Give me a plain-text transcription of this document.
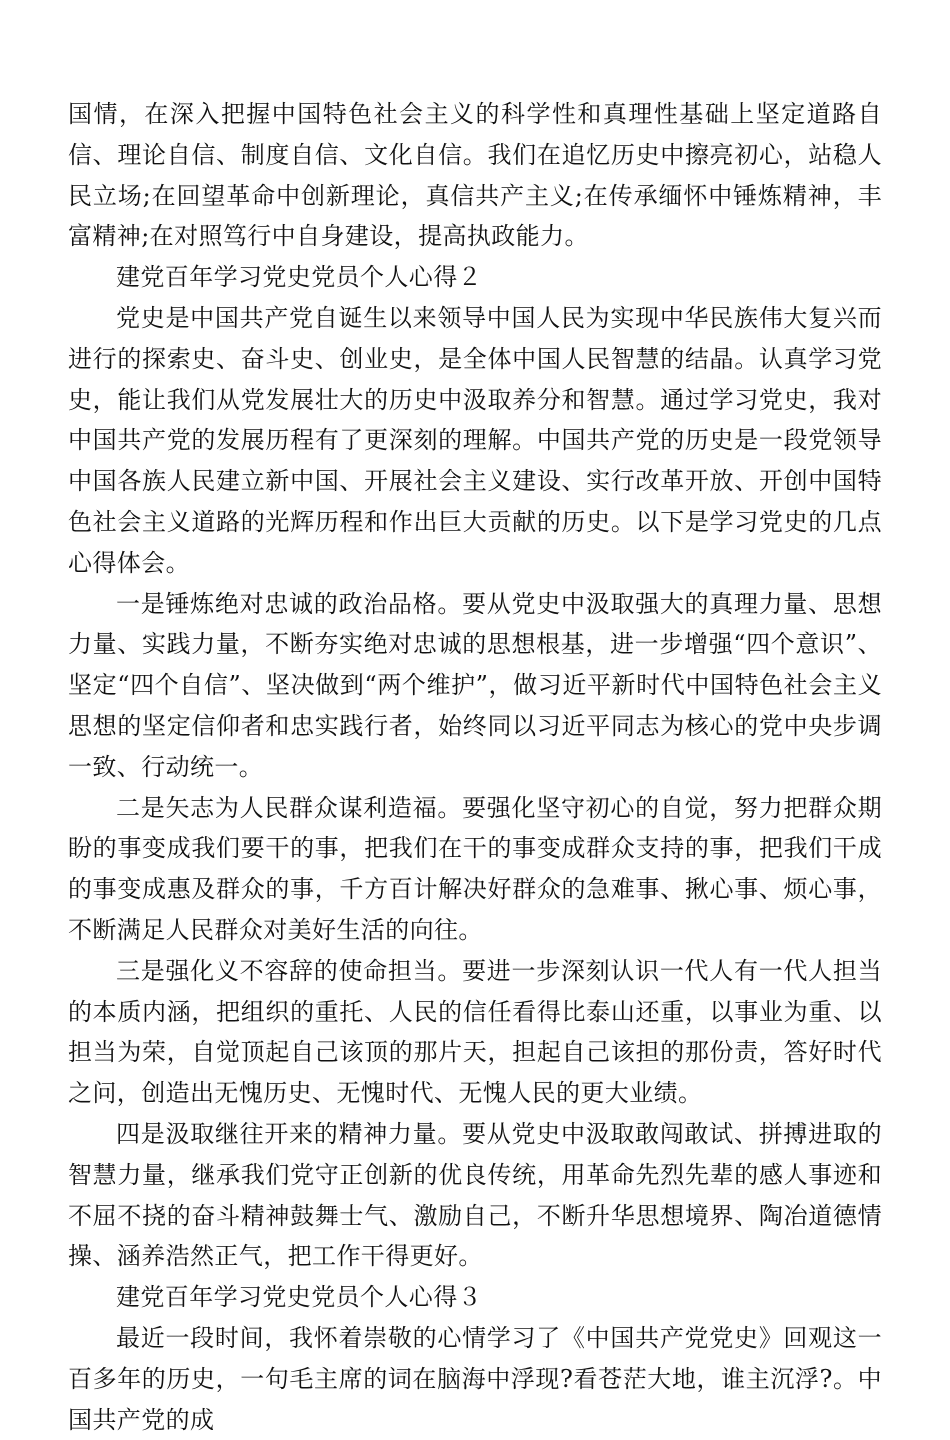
国情，在深入把握中国特色社会主义的科学性和真理性基础上坚定道路自信、理论自信、制度自信、文化自信。我们在追忆历史中擦亮初心，站稳人民立场;在回望革命中创新理论，真信共产主义;在传承缅怀中锤炼精神，丰富精神;在对照笃行中自身建设，提高执政能力。

建党百年学习党史党员个人心得２

党史是中国共产党自诞生以来领导中国人民为实现中华民族伟大复兴而进行的探索史、奋斗史、创业史，是全体中国人民智慧的结晶。认真学习党史，能让我们从党发展壮大的历史中汲取养分和智慧。通过学习党史，我对中国共产党的发展历程有了更深刻的理解。中国共产党的历史是一段党领导中国各族人民建立新中国、开展社会主义建设、实行改革开放、开创中国特色社会主义道路的光辉历程和作出巨大贡献的历史。以下是学习党史的几点心得体会。

一是锤炼绝对忠诚的政治品格。要从党史中汲取强大的真理力量、思想力量、实践力量，不断夯实绝对忠诚的思想根基，进一步增强“四个意识”、坚定“四个自信”、坚决做到“两个维护”，做习近平新时代中国特色社会主义思想的坚定信仰者和忠实践行者，始终同以习近平同志为核心的党中央步调一致、行动统一。

二是矢志为人民群众谋利造福。要强化坚守初心的自觉，努力把群众期盼的事变成我们要干的事，把我们在干的事变成群众支持的事，把我们干成的事变成惠及群众的事，千方百计解决好群众的急难事、揪心事、烦心事，不断满足人民群众对美好生活的向往。

三是强化义不容辞的使命担当。要进一步深刻认识一代人有一代人担当的本质内涵，把组织的重托、人民的信任看得比泰山还重，以事业为重、以担当为荣，自觉顶起自己该顶的那片天，担起自己该担的那份责，答好时代之问，创造出无愧历史、无愧时代、无愧人民的更大业绩。

四是汲取继往开来的精神力量。要从党史中汲取敢闯敢试、拼搏进取的智慧力量，继承我们党守正创新的优良传统，用革命先烈先辈的感人事迹和不屈不挠的奋斗精神鼓舞士气、激励自己，不断升华思想境界、陶冶道德情操、涵养浩然正气，把工作干得更好。

建党百年学习党史党员个人心得３

最近一段时间，我怀着崇敬的心情学习了《中国共产党党史》回观这一百多年的历史，一句毛主席的词在脑海中浮现?看苍茫大地，谁主沉浮?。中国共产党的成
